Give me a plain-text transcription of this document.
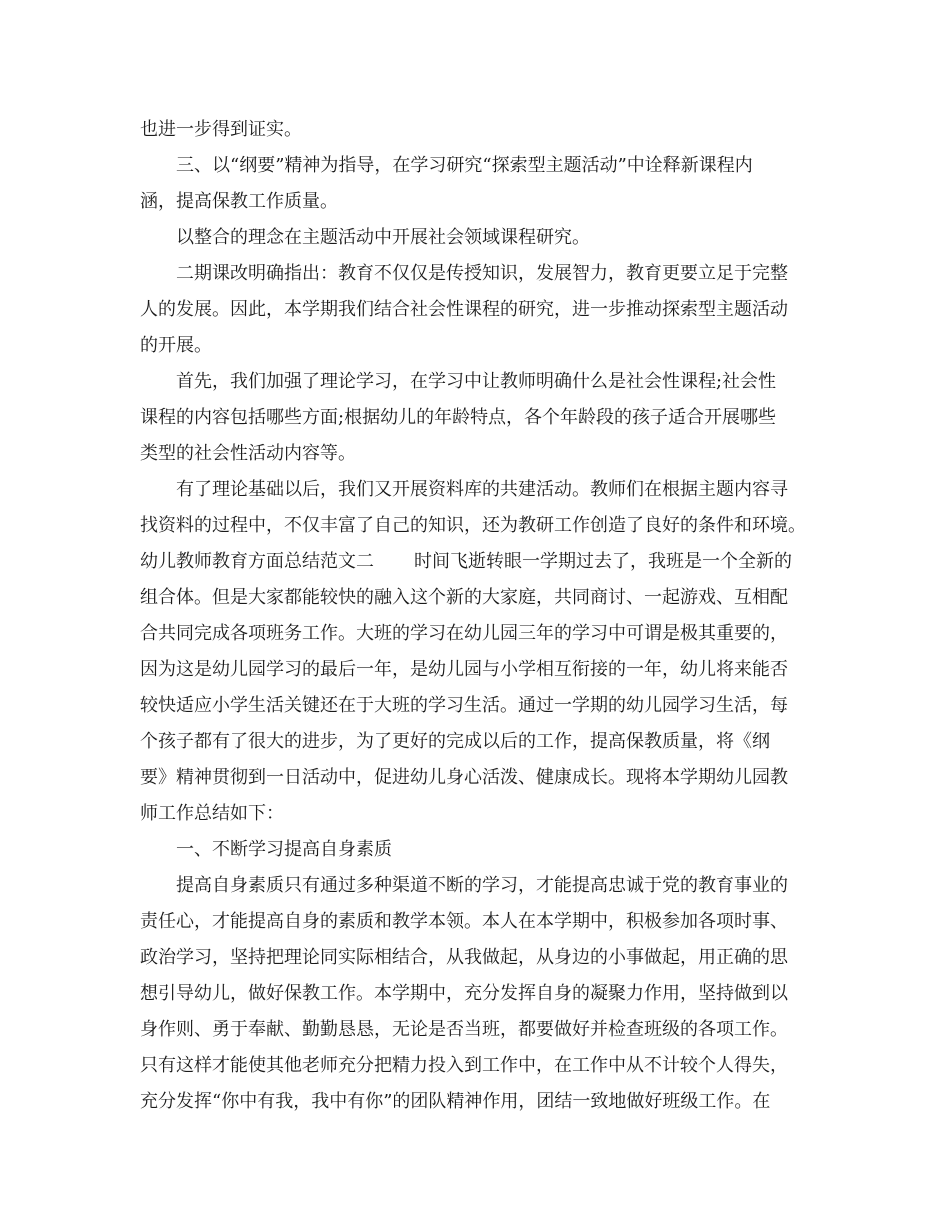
也进一步得到证实。
三、以“纲要”精神为指导，在学习研究“探索型主题活动”中诠释新课程内
涵，提高保教工作质量。
以整合的理念在主题活动中开展社会领域课程研究。
二期课改明确指出：教育不仅仅是传授知识，发展智力，教育更要立足于完整
人的发展。因此，本学期我们结合社会性课程的研究，进一步推动探索型主题活动
的开展。
首先，我们加强了理论学习，在学习中让教师明确什么是社会性课程;社会性
课程的内容包括哪些方面;根据幼儿的年龄特点，各个年龄段的孩子适合开展哪些
类型的社会性活动内容等。
有了理论基础以后，我们又开展资料库的共建活动。教师们在根据主题内容寻
找资料的过程中，不仅丰富了自己的知识，还为教研工作创造了良好的条件和环境。
幼儿教师教育方面总结范文二 时间飞逝转眼一学期过去了，我班是一个全新的
组合体。但是大家都能较快的融入这个新的大家庭，共同商讨、一起游戏、互相配
合共同完成各项班务工作。大班的学习在幼儿园三年的学习中可谓是极其重要的，
因为这是幼儿园学习的最后一年，是幼儿园与小学相互衔接的一年，幼儿将来能否
较快适应小学生活关键还在于大班的学习生活。通过一学期的幼儿园学习生活，每
个孩子都有了很大的进步，为了更好的完成以后的工作，提高保教质量，将《纲
要》精神贯彻到一日活动中，促进幼儿身心活泼、健康成长。现将本学期幼儿园教
师工作总结如下：
一、不断学习提高自身素质
提高自身素质只有通过多种渠道不断的学习，才能提高忠诚于党的教育事业的
责任心，才能提高自身的素质和教学本领。本人在本学期中，积极参加各项时事、
政治学习，坚持把理论同实际相结合，从我做起，从身边的小事做起，用正确的思
想引导幼儿，做好保教工作。本学期中，充分发挥自身的凝聚力作用，坚持做到以
身作则、勇于奉献、勤勤恳恳，无论是否当班，都要做好并检查班级的各项工作。
只有这样才能使其他老师充分把精力投入到工作中，在工作中从不计较个人得失，
充分发挥“你中有我，我中有你”的团队精神作用，团结一致地做好班级工作。在
